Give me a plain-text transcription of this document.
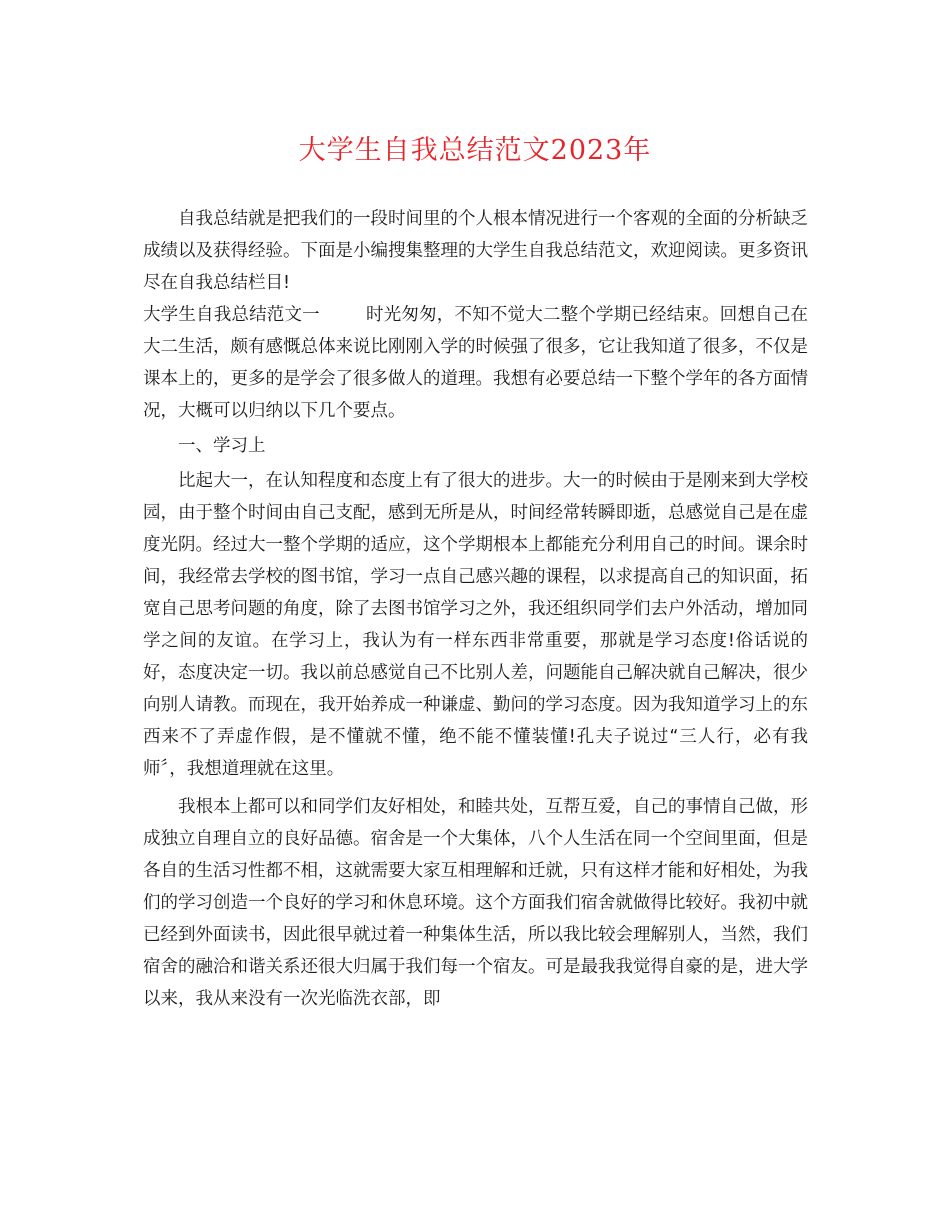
大学生自我总结范文2023年

自我总结就是把我们的一段时间里的个人根本情况进行一个客观的全面的分析缺乏成绩以及获得经验。下面是小编搜集整理的大学生自我总结范文，欢迎阅读。更多资讯尽在自我总结栏目!

大学生自我总结范文一	时光匆匆，不知不觉大二整个学期已经结束。回想自己在大二生活，颇有感慨总体来说比刚刚入学的时候强了很多，它让我知道了很多，不仅是课本上的，更多的是学会了很多做人的道理。我想有必要总结一下整个学年的各方面情况，大概可以归纳以下几个要点。

一、学习上

比起大一，在认知程度和态度上有了很大的进步。大一的时候由于是刚来到大学校园，由于整个时间由自己支配，感到无所是从，时间经常转瞬即逝，总感觉自己是在虚度光阴。经过大一整个学期的适应，这个学期根本上都能充分利用自己的时间。课余时间，我经常去学校的图书馆，学习一点自己感兴趣的课程，以求提高自己的知识面，拓宽自己思考问题的角度，除了去图书馆学习之外，我还组织同学们去户外活动，增加同学之间的友谊。在学习上，我认为有一样东西非常重要，那就是学习态度!俗话说的好，态度决定一切。我以前总感觉自己不比别人差，问题能自己解决就自己解决，很少向别人请教。而现在，我开始养成一种谦虚、勤问的学习态度。因为我知道学习上的东西来不了弄虚作假，是不懂就不懂，绝不能不懂装懂!孔夫子说过“三人行，必有我师〞，我想道理就在这里。

我根本上都可以和同学们友好相处，和睦共处，互帮互爱，自己的事情自己做，形成独立自理自立的良好品德。宿舍是一个大集体，八个人生活在同一个空间里面，但是各自的生活习性都不相，这就需要大家互相理解和迁就，只有这样才能和好相处，为我们的学习创造一个良好的学习和休息环境。这个方面我们宿舍就做得比较好。我初中就已经到外面读书，因此很早就过着一种集体生活，所以我比较会理解别人，当然，我们宿舍的融洽和谐关系还很大归属于我们每一个宿友。可是最我我觉得自豪的是，进大学以来，我从来没有一次光临洗衣部，即
